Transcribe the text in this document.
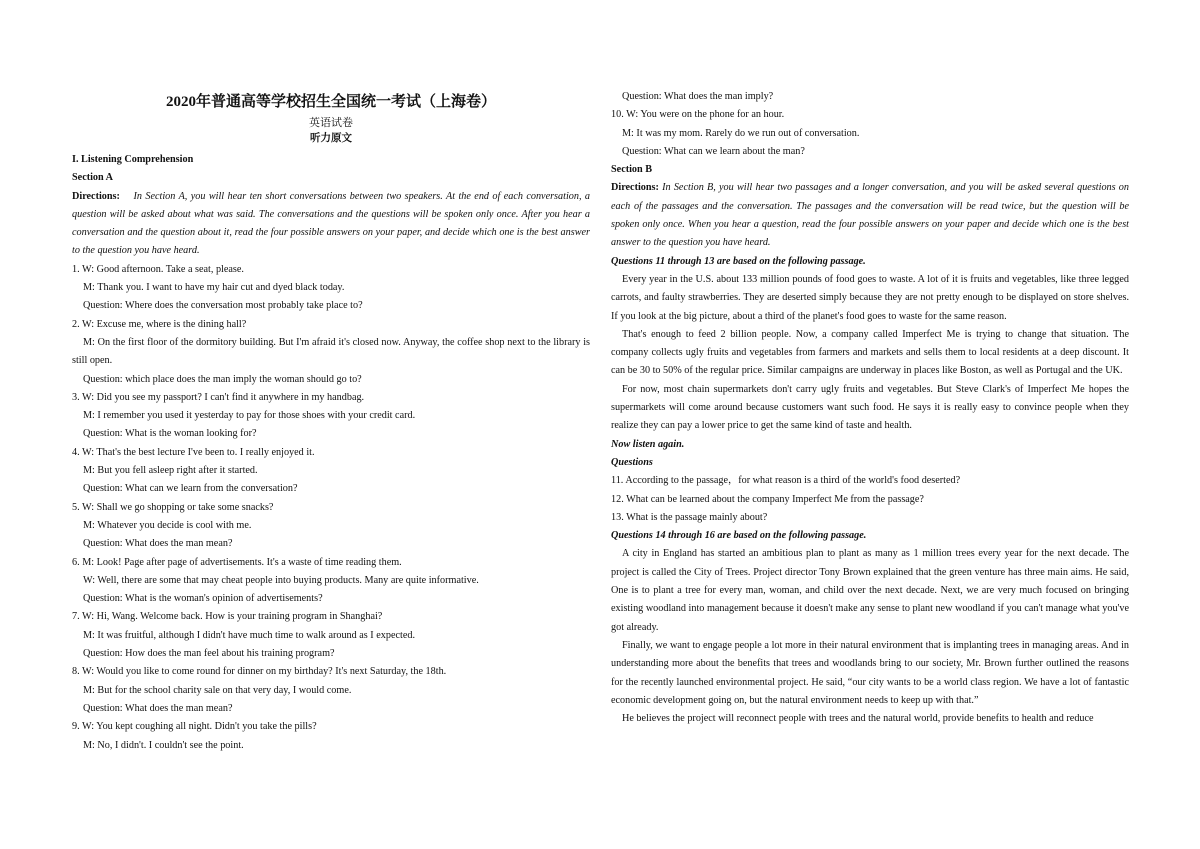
2020年普通高等学校招生全国统一考试（上海卷）

英语试卷

听力原文

I. Listening Comprehension

Section A

Directions: In Section A, you will hear ten short conversations between two speakers. At the end of each conversation, a question will be asked about what was said. The conversations and the questions will be spoken only once. After you hear a conversation and the question about it, read the four possible answers on your paper, and decide which one is the best answer to the question you have heard.

1. W: Good afternoon. Take a seat, please.

M: Thank you. I want to have my hair cut and dyed black today.

Question: Where does the conversation most probably take place to?

2. W: Excuse me, where is the dining hall?

M: On the first floor of the dormitory building. But I'm afraid it's closed now. Anyway, the coffee shop next to the library is still open.

Question: which place does the man imply the woman should go to?

3. W: Did you see my passport? I can't find it anywhere in my handbag.

M: I remember you used it yesterday to pay for those shoes with your credit card.

Question: What is the woman looking for?

4. W: That's the best lecture I've been to. I really enjoyed it.

M: But you fell asleep right after it started.

Question: What can we learn from the conversation?

5. W: Shall we go shopping or take some snacks?

M: Whatever you decide is cool with me.

Question: What does the man mean?

6. M: Look! Page after page of advertisements. It's a waste of time reading them.

W: Well, there are some that may cheat people into buying products. Many are quite informative.

Question: What is the woman's opinion of advertisements?

7. W: Hi, Wang. Welcome back. How is your training program in Shanghai?

M: It was fruitful, although I didn't have much time to walk around as I expected.

Question: How does the man feel about his training program?

8. W: Would you like to come round for dinner on my birthday? It's next Saturday, the 18th.

M: But for the school charity sale on that very day, I would come.

Question: What does the man mean?

9. W: You kept coughing all night. Didn't you take the pills?

M: No, I didn't. I couldn't see the point.

Question: What does the man imply?

10. W: You were on the phone for an hour.

M: It was my mom. Rarely do we run out of conversation.

Question: What can we learn about the man?

Section B

Directions: In Section B, you will hear two passages and a longer conversation, and you will be asked several questions on each of the passages and the conversation. The passages and the conversation will be read twice, but the question will be spoken only once. When you hear a question, read the four possible answers on your paper and decide which one is the best answer to the question you have heard.

Questions 11 through 13 are based on the following passage.

Every year in the U.S. about 133 million pounds of food goes to waste. A lot of it is fruits and vegetables, like three legged carrots, and faulty strawberries. They are deserted simply because they are not pretty enough to be displayed on store shelves. If you look at the big picture, about a third of the planet's food goes to waste for the same reason.

That's enough to feed 2 billion people. Now, a company called Imperfect Me is trying to change that situation. The company collects ugly fruits and vegetables from farmers and markets and sells them to local residents at a deep discount. It can be 30 to 50% of the regular price. Similar campaigns are underway in places like Boston, as well as Portugal and the UK.

For now, most chain supermarkets don't carry ugly fruits and vegetables. But Steve Clark's of Imperfect Me hopes the supermarkets will come around because customers want such food. He says it is really easy to convince people when they realize they can pay a lower price to get the same kind of taste and health.

Now listen again.

Questions

11. According to the passage，for what reason is a third of the world's food deserted?

12. What can be learned about the company Imperfect Me from the passage?

13. What is the passage mainly about?

Questions 14 through 16 are based on the following passage.

A city in England has started an ambitious plan to plant as many as 1 million trees every year for the next decade. The project is called the City of Trees. Project director Tony Brown explained that the green venture has three main aims. He said, One is to plant a tree for every man, woman, and child over the next decade. Next, we are very much focused on bringing existing woodland into management because it doesn't make any sense to plant new woodland if you can't manage what you've got already.

Finally, we want to engage people a lot more in their natural environment that is implanting trees in managing areas. And in understanding more about the benefits that trees and woodlands bring to our society, Mr. Brown further outlined the reasons for the recently launched environmental project. He said, “our city wants to be a world class region. We have a lot of fantastic economic development going on, but the natural environment needs to keep up with that.”

He believes the project will reconnect people with trees and the natural world, provide benefits to health and reduce
